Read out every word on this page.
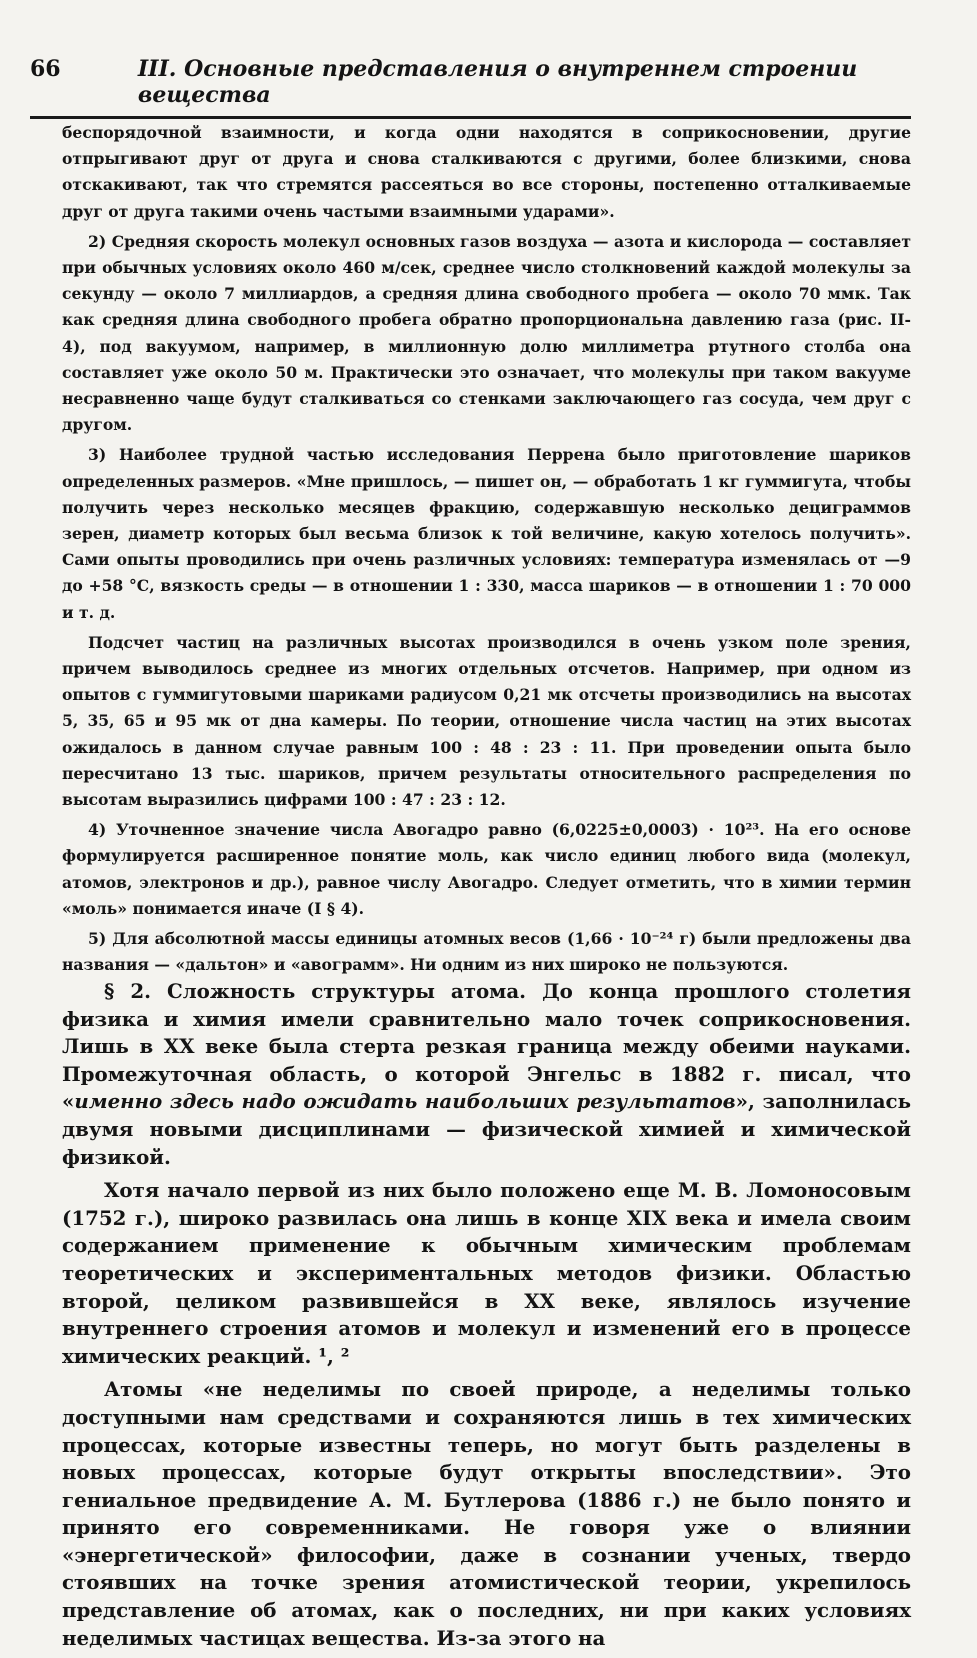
66	III. Основные представления о внутреннем строении вещества

беспорядочной взаимности, и когда одни находятся в соприкосновении, другие отпрыгивают друг от друга и снова сталкиваются с другими, более близкими, снова отскакивают, так что стремятся рассеяться во все стороны, постепенно отталкиваемые друг от друга такими очень частыми взаимными ударами».

2) Средняя скорость молекул основных газов воздуха — азота и кислорода — составляет при обычных условиях около 460 м/сек, среднее число столкновений каждой молекулы за секунду — около 7 миллиардов, а средняя длина свободного пробега — около 70 ммк. Так как средняя длина свободного пробега обратно пропорциональна давлению газа (рис. II-4), под вакуумом, например, в миллионную долю миллиметра ртутного столба она составляет уже около 50 м. Практически это означает, что молекулы при таком вакууме несравненно чаще будут сталкиваться со стенками заключающего газ сосуда, чем друг с другом.

3) Наиболее трудной частью исследования Перрена было приготовление шариков определенных размеров. «Мне пришлось, — пишет он, — обработать 1 кг гуммигута, чтобы получить через несколько месяцев фракцию, содержавшую несколько дециграммов зерен, диаметр которых был весьма близок к той величине, какую хотелось получить». Сами опыты проводились при очень различных условиях: температура изменялась от —9 до +58 °С, вязкость среды — в отношении 1 : 330, масса шариков — в отношении 1 : 70 000 и т. д.

Подсчет частиц на различных высотах производился в очень узком поле зрения, причем выводилось среднее из многих отдельных отсчетов. Например, при одном из опытов с гуммигутовыми шариками радиусом 0,21 мк отсчеты производились на высотах 5, 35, 65 и 95 мк от дна камеры. По теории, отношение числа частиц на этих высотах ожидалось в данном случае равным 100 : 48 : 23 : 11. При проведении опыта было пересчитано 13 тыс. шариков, причем результаты относительного распределения по высотам выразились цифрами 100 : 47 : 23 : 12.

4) Уточненное значение числа Авогадро равно (6,0225±0,0003) · 10²³. На его основе формулируется расширенное понятие моль, как число единиц любого вида (молекул, атомов, электронов и др.), равное числу Авогадро. Следует отметить, что в химии термин «моль» понимается иначе (I § 4).

5) Для абсолютной массы единицы атомных весов (1,66 · 10⁻²⁴ г) были предложены два названия — «дальтон» и «авограмм». Ни одним из них широко не пользуются.

§ 2. Сложность структуры атома. До конца прошлого столетия физика и химия имели сравнительно мало точек соприкосновения. Лишь в XX веке была стерта резкая граница между обеими науками. Промежуточная область, о которой Энгельс в 1882 г. писал, что «именно здесь надо ожидать наибольших результатов», заполнилась двумя новыми дисциплинами — физической химией и химической физикой.

Хотя начало первой из них было положено еще М. В. Ломоносовым (1752 г.), широко развилась она лишь в конце XIX века и имела своим содержанием применение к обычным химическим проблемам теоретических и экспериментальных методов физики. Областью второй, целиком развившейся в XX веке, являлось изучение внутреннего строения атомов и молекул и изменений его в процессе химических реакций. ¹, ²

Атомы «не неделимы по своей природе, а неделимы только доступными нам средствами и сохраняются лишь в тех химических процессах, которые известны теперь, но могут быть разделены в новых процессах, которые будут открыты впоследствии». Это гениальное предвидение А. М. Бутлерова (1886 г.) не было понято и принято его современниками. Не говоря уже о влиянии «энергетической» философии, даже в сознании ученых, твердо стоявших на точке зрения атомистической теории, укрепилось представление об атомах, как о последних, ни при каких условиях неделимых частицах вещества. Из-за этого на
